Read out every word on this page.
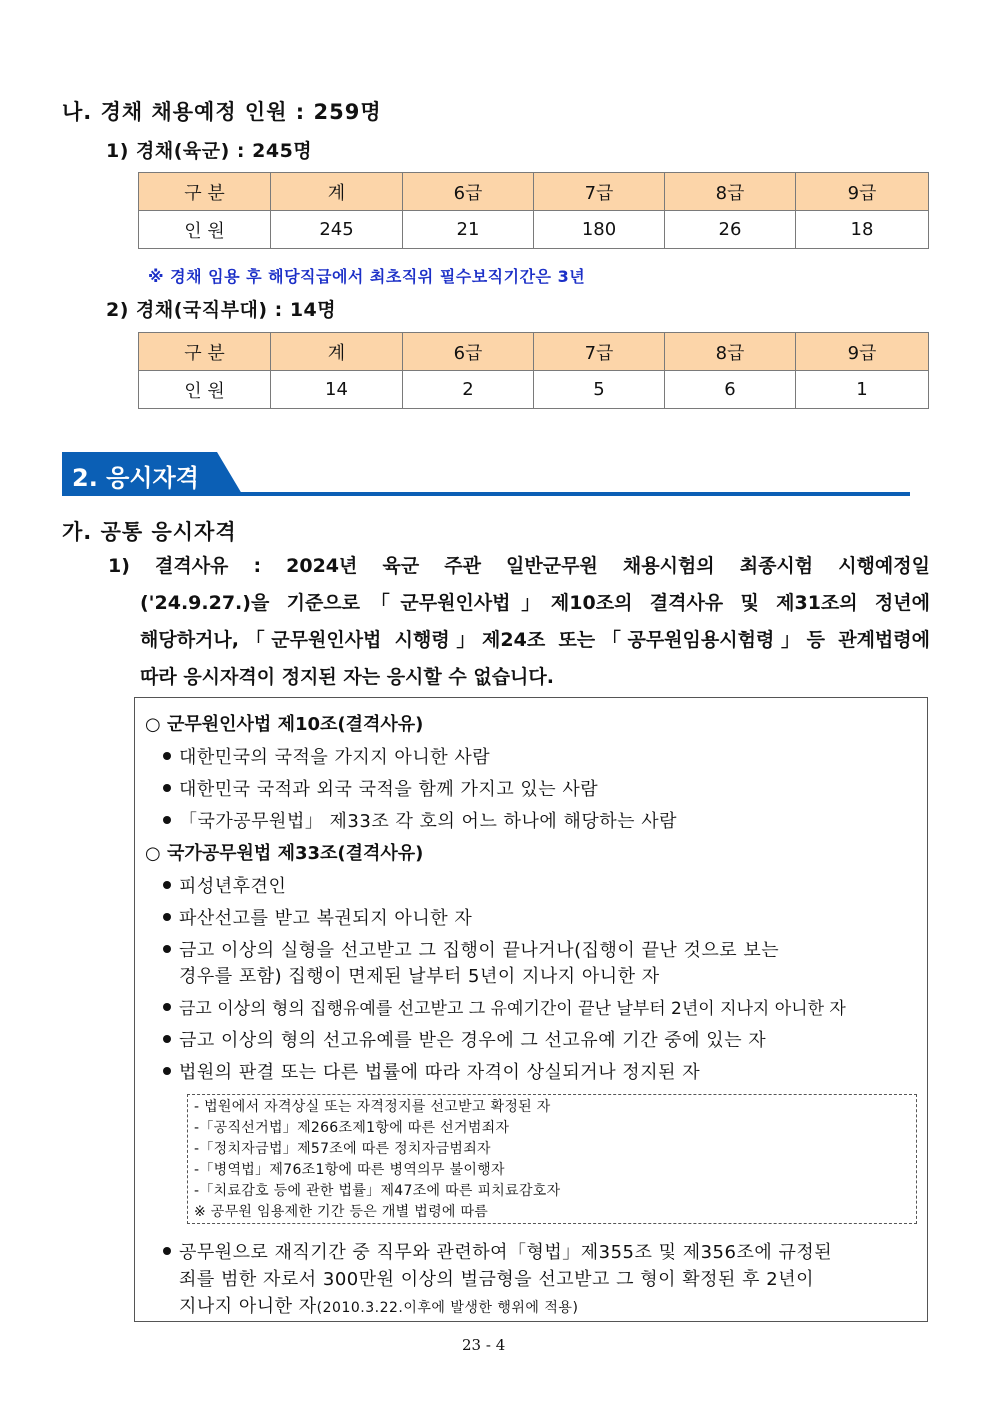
나. 경채 채용예정 인원 : 259명
1) 경채(육군) : 245명
구 분	계	6급	7급	8급	9급
인 원	245	21	180	26	18
※ 경채 임용 후 해당직급에서 최초직위 필수보직기간은 3년
2) 경채(국직부대) : 14명
구 분	계	6급	7급	8급	9급
인 원	14	2	5	6	1
2. 응시자격
가. 공통 응시자격
1) 결격사유 : 2024년 육군 주관 일반군무원 채용시험의 최종시험 시행예정일
('24.9.27.)을 기준으로「군무원인사법」제10조의 결격사유 및 제31조의 정년에
해당하거나,「군무원인사법 시행령」제24조 또는「공무원임용시험령」등 관계법령에
따라 응시자격이 정지된 자는 응시할 수 없습니다.
○ 군무원인사법 제10조(결격사유)
대한민국의 국적을 가지지 아니한 사람
대한민국 국적과 외국 국적을 함께 가지고 있는 사람
「국가공무원법」 제33조 각 호의 어느 하나에 해당하는 사람
○ 국가공무원법 제33조(결격사유)
피성년후견인
파산선고를 받고 복권되지 아니한 자
금고 이상의 실형을 선고받고 그 집행이 끝나거나(집행이 끝난 것으로 보는
경우를 포함) 집행이 면제된 날부터 5년이 지나지 아니한 자
금고 이상의 형의 집행유예를 선고받고 그 유예기간이 끝난 날부터 2년이 지나지 아니한 자
금고 이상의 형의 선고유예를 받은 경우에 그 선고유예 기간 중에 있는 자
법원의 판결 또는 다른 법률에 따라 자격이 상실되거나 정지된 자
- 법원에서 자격상실 또는 자격정지를 선고받고 확정된 자
-「공직선거법」제266조제1항에 따른 선거범죄자
-「정치자금법」제57조에 따른 정치자금범죄자
-「병역법」제76조1항에 따른 병역의무 불이행자
-「치료감호 등에 관한 법률」제47조에 따른 피치료감호자
※ 공무원 임용제한 기간 등은 개별 법령에 따름
공무원으로 재직기간 중 직무와 관련하여「형법」제355조 및 제356조에 규정된
죄를 범한 자로서 300만원 이상의 벌금형을 선고받고 그 형이 확정된 후 2년이
지나지 아니한 자(2010.3.22.이후에 발생한 행위에 적용)
23 - 4
